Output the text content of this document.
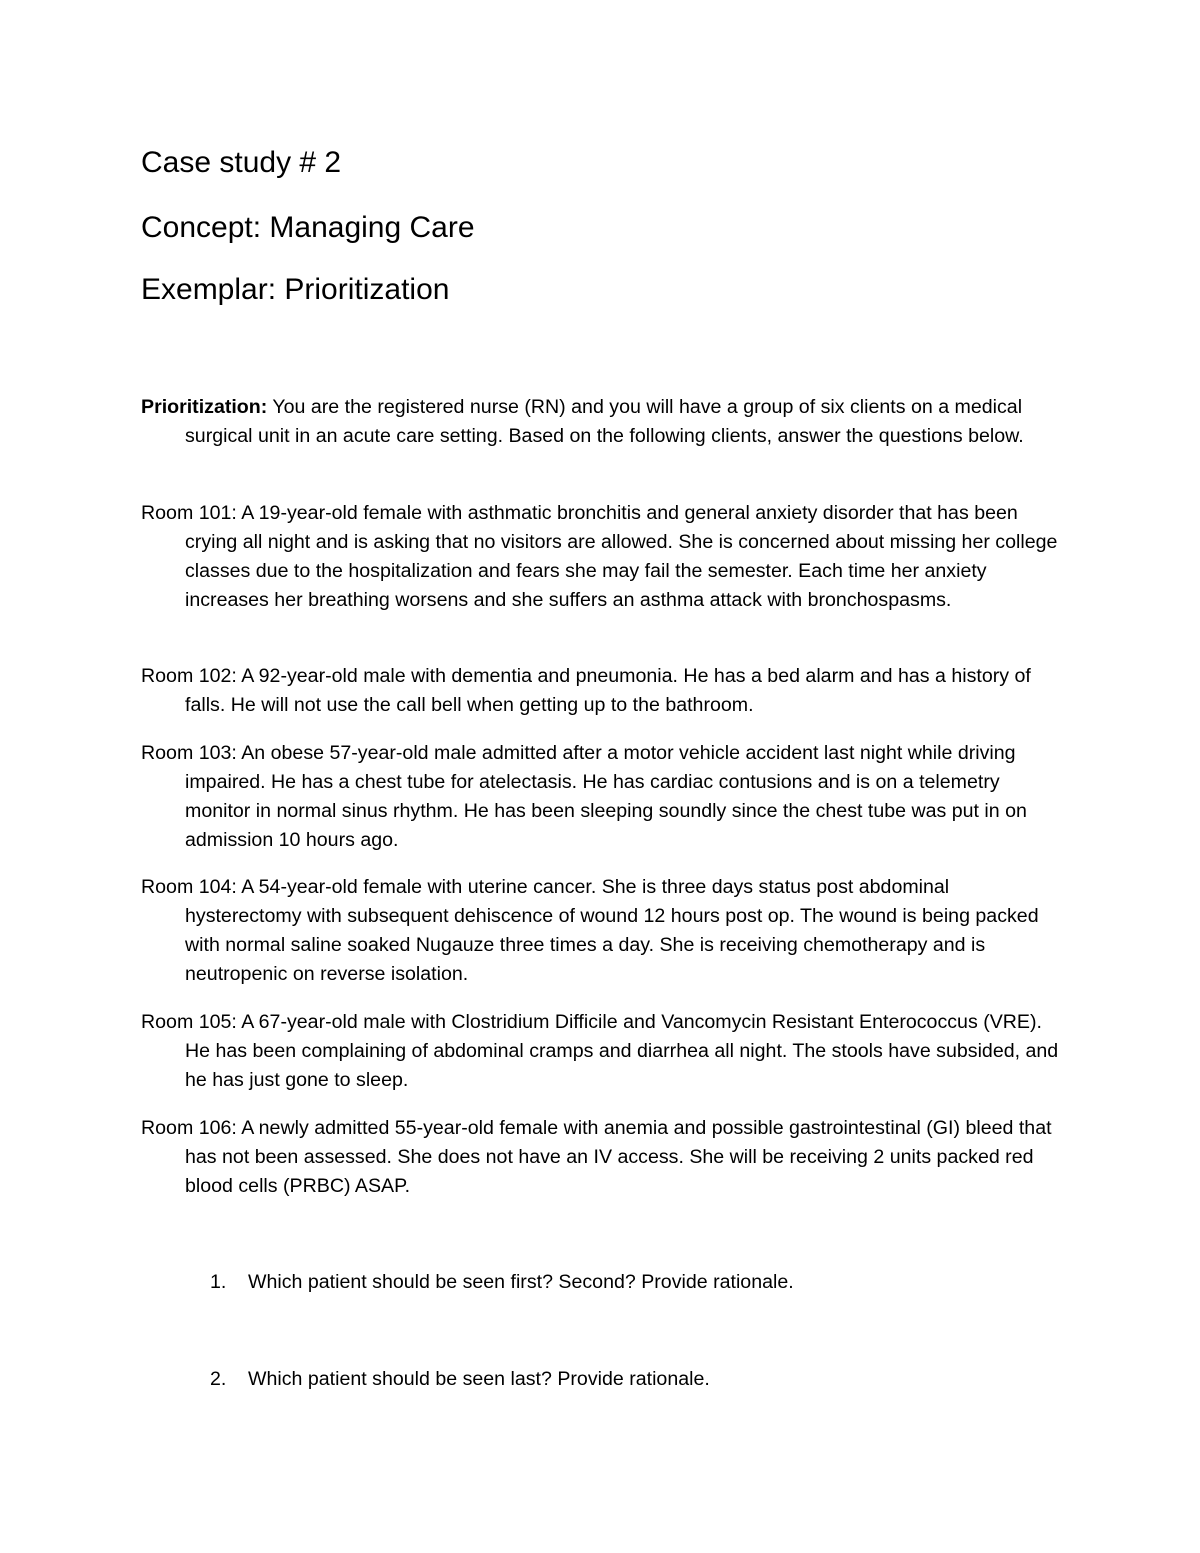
Case study # 2
Concept: Managing Care
Exemplar: Prioritization

Prioritization: You are the registered nurse (RN) and you will have a group of six clients on a medical surgical unit in an acute care setting. Based on the following clients, answer the questions below.

Room 101: A 19-year-old female with asthmatic bronchitis and general anxiety disorder that has been crying all night and is asking that no visitors are allowed. She is concerned about missing her college classes due to the hospitalization and fears she may fail the semester. Each time her anxiety increases her breathing worsens and she suffers an asthma attack with bronchospasms.

Room 102: A 92-year-old male with dementia and pneumonia. He has a bed alarm and has a history of falls. He will not use the call bell when getting up to the bathroom.

Room 103: An obese 57-year-old male admitted after a motor vehicle accident last night while driving impaired. He has a chest tube for atelectasis. He has cardiac contusions and is on a telemetry monitor in normal sinus rhythm. He has been sleeping soundly since the chest tube was put in on admission 10 hours ago.

Room 104: A 54-year-old female with uterine cancer. She is three days status post abdominal hysterectomy with subsequent dehiscence of wound 12 hours post op. The wound is being packed with normal saline soaked Nugauze three times a day. She is receiving chemotherapy and is neutropenic on reverse isolation.

Room 105: A 67-year-old male with Clostridium Difficile and Vancomycin Resistant Enterococcus (VRE). He has been complaining of abdominal cramps and diarrhea all night. The stools have subsided, and he has just gone to sleep.

Room 106: A newly admitted 55-year-old female with anemia and possible gastrointestinal (GI) bleed that has not been assessed. She does not have an IV access. She will be receiving 2 units packed red blood cells (PRBC) ASAP.

1. Which patient should be seen first? Second? Provide rationale.

2. Which patient should be seen last? Provide rationale.
